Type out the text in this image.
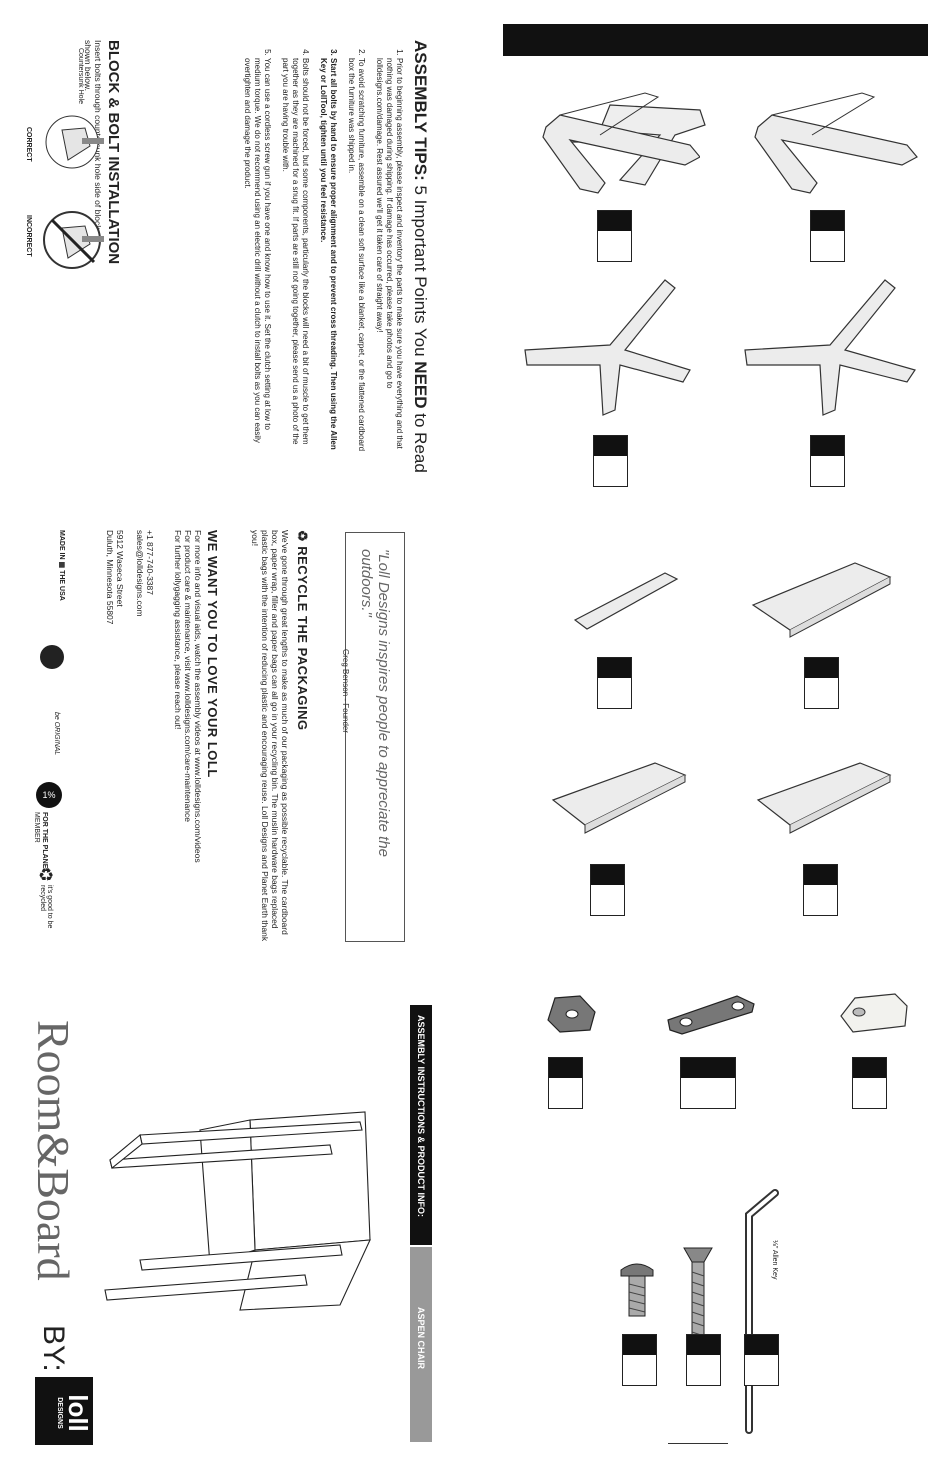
⅛" Allen Key
ASSEMBLY INSTRUCTIONS & PRODUCT INFO:
ASPEN CHAIR
ASSEMBLY TIPS: 5 Important Points You NEED to Read
1. Prior to beginning assembly, please inspect and inventory the parts to make sure you have everything and that nothing was damaged during shipping. If damage has occurred, please take photos and go to lolldesigns.com/damage. Rest assured we'll get it taken care of straight away!
2. To avoid scratching furniture, assemble on a clean soft surface like a blanket, carpet, or the flattened cardboard box the furniture was shipped in.
3. Start all bolts by hand to ensure proper alignment and to prevent cross threading. Then using the Allen Key or LollTool, tighten until you feel resistance.
4. Bolts should not be forced, but some components, particularly the blocks will need a bit of muscle to get them together as they are machined for a snug fit. If parts are still not going together, please send us a photo of the part you are having trouble with.
5. You can use a cordless screw gun if you have one and know how to use it. Set the clutch setting at low to medium torque. We do not recommend using an electric drill without a clutch to install bolts as you can easily overtighten and damage the product.
BLOCK & BOLT INSTALLATION

Insert bolts through hole side of blocks shown below.

Countersunk Hole
CORRECT
INCORRECT
"Loll Designs inspires people to appreciate the outdoors."
Greg Benson - Founder
♻ RECYCLE THE PACKAGING

We've gone through great lengths to make as much of our packaging as possible recyclable. The cardboard box, paper wrap, filler and paper bags can all go in your recycling bin. The muslin hardware bags replaced plastic bags with the intention of reducing plastic and encouraging reuse. Loll Designs and Planet Earth thank you!

WE WANT YOU TO LOVE YOUR LOLL

For more info and visual aids, watch the assembly videos at www.lolldesigns.com/videos

For product care & maintenance, visit www.lolldesigns.com/care-maintenance

For further lollygagging assistance, please reach out!

+1 877-740-3387
sales@lolldesigns.com
5912 Waseca Street
Duluth, Minnesota 55807
MADE IN ▦ THE USA
be ORIGINAL
1%
FOR THE PLANET
MEMBER
♻
it's good to be recycled
Room&Board
BY:
loll
DESIGNS
